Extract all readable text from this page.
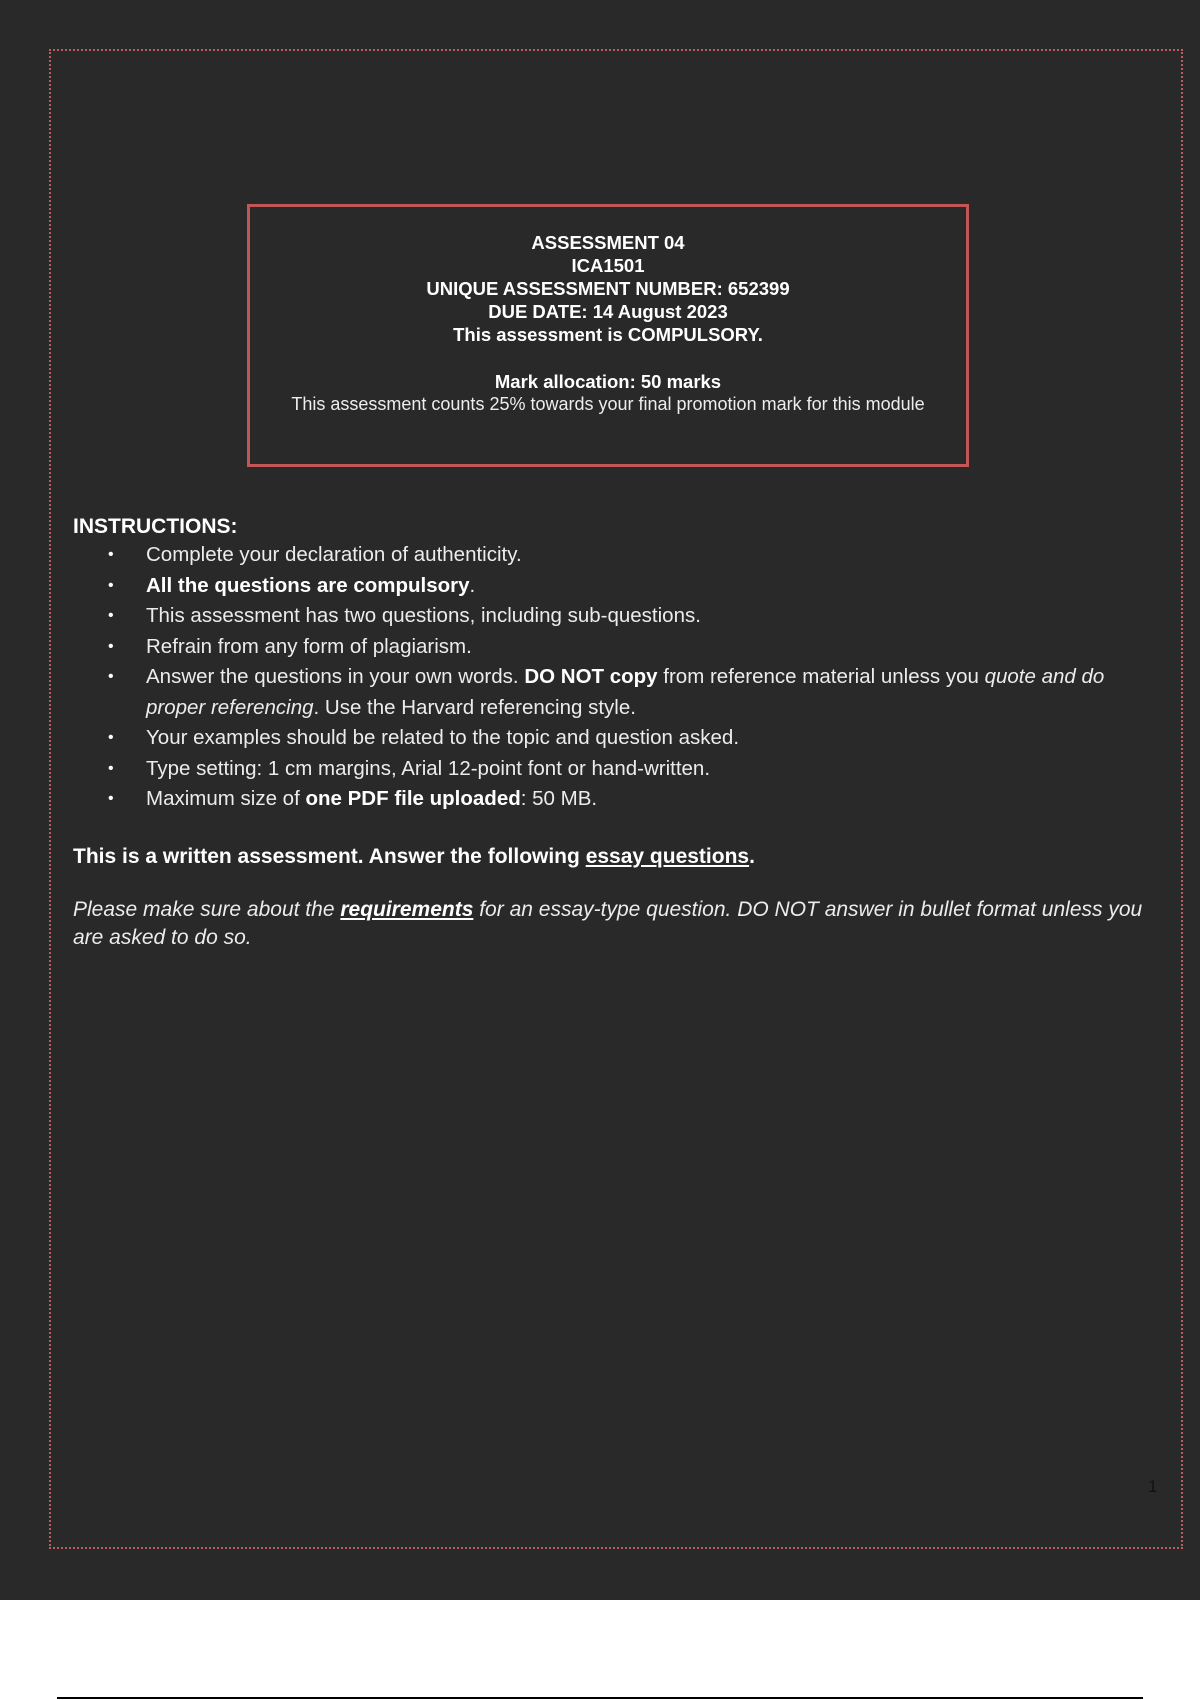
ASSESSMENT 04
ICA1501
UNIQUE ASSESSMENT NUMBER: 652399
DUE DATE: 14 August 2023
This assessment is COMPULSORY.
Mark allocation: 50 marks
This assessment counts 25% towards your final promotion mark for this module
INSTRUCTIONS:
• Complete your declaration of authenticity.
• All the questions are compulsory.
• This assessment has two questions, including sub-questions.
• Refrain from any form of plagiarism.
• Answer the questions in your own words. DO NOT copy from reference material unless you quote and do proper referencing. Use the Harvard referencing style.
• Your examples should be related to the topic and question asked.
• Type setting: 1 cm margins, Arial 12-point font or hand-written.
• Maximum size of one PDF file uploaded: 50 MB.
This is a written assessment. Answer the following essay questions.
Please make sure about the requirements for an essay-type question. DO NOT answer in bullet format unless you are asked to do so.
1
